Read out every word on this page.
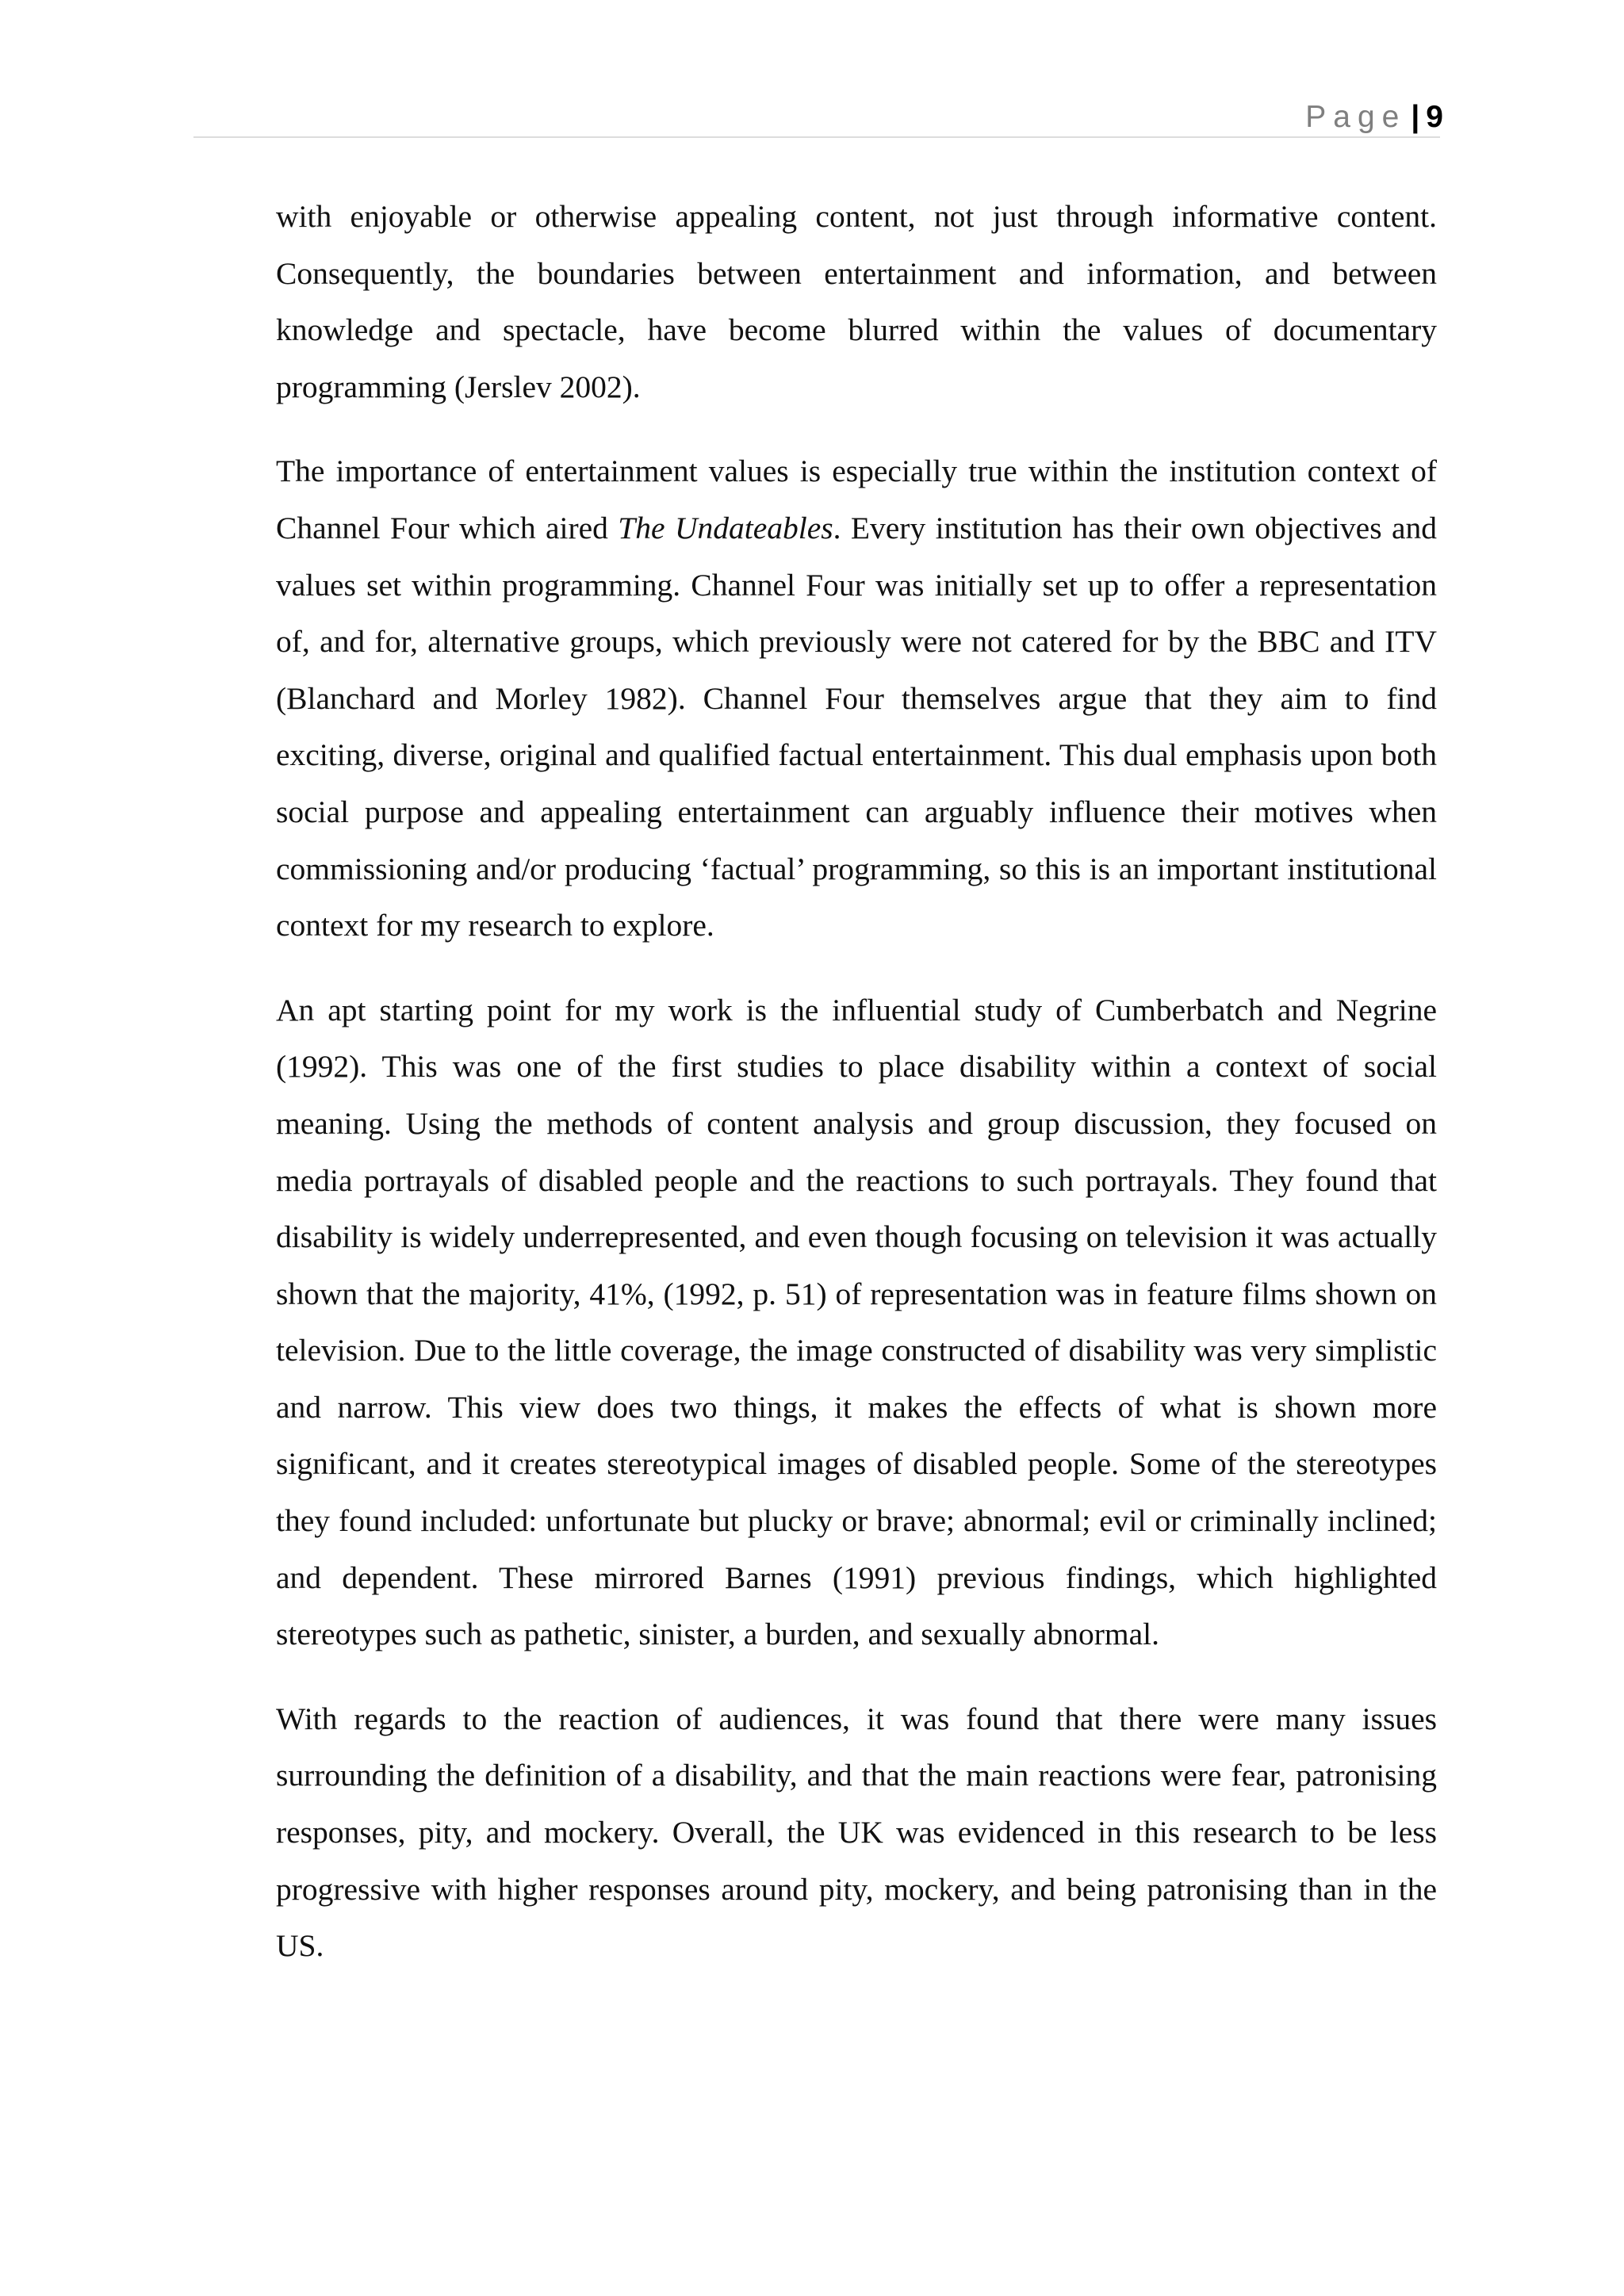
Page | 9

with enjoyable or otherwise appealing content, not just through informative content. Consequently, the boundaries between entertainment and information, and between knowledge and spectacle, have become blurred within the values of documentary programming (Jerslev 2002).

The importance of entertainment values is especially true within the institution context of Channel Four which aired The Undateables. Every institution has their own objectives and values set within programming. Channel Four was initially set up to offer a representation of, and for, alternative groups, which previously were not catered for by the BBC and ITV (Blanchard and Morley 1982). Channel Four themselves argue that they aim to find exciting, diverse, original and qualified factual entertainment. This dual emphasis upon both social purpose and appealing entertainment can arguably influence their motives when commissioning and/or producing ‘factual’ programming, so this is an important institutional context for my research to explore.

An apt starting point for my work is the influential study of Cumberbatch and Negrine (1992). This was one of the first studies to place disability within a context of social meaning. Using the methods of content analysis and group discussion, they focused on media portrayals of disabled people and the reactions to such portrayals. They found that disability is widely underrepresented, and even though focusing on television it was actually shown that the majority, 41%, (1992, p. 51) of representation was in feature films shown on television. Due to the little coverage, the image constructed of disability was very simplistic and narrow. This view does two things, it makes the effects of what is shown more significant, and it creates stereotypical images of disabled people. Some of the stereotypes they found included: unfortunate but plucky or brave; abnormal; evil or criminally inclined; and dependent. These mirrored Barnes (1991) previous findings, which highlighted stereotypes such as pathetic, sinister, a burden, and sexually abnormal.

With regards to the reaction of audiences, it was found that there were many issues surrounding the definition of a disability, and that the main reactions were fear, patronising responses, pity, and mockery. Overall, the UK was evidenced in this research to be less progressive with higher responses around pity, mockery, and being patronising than in the US.
